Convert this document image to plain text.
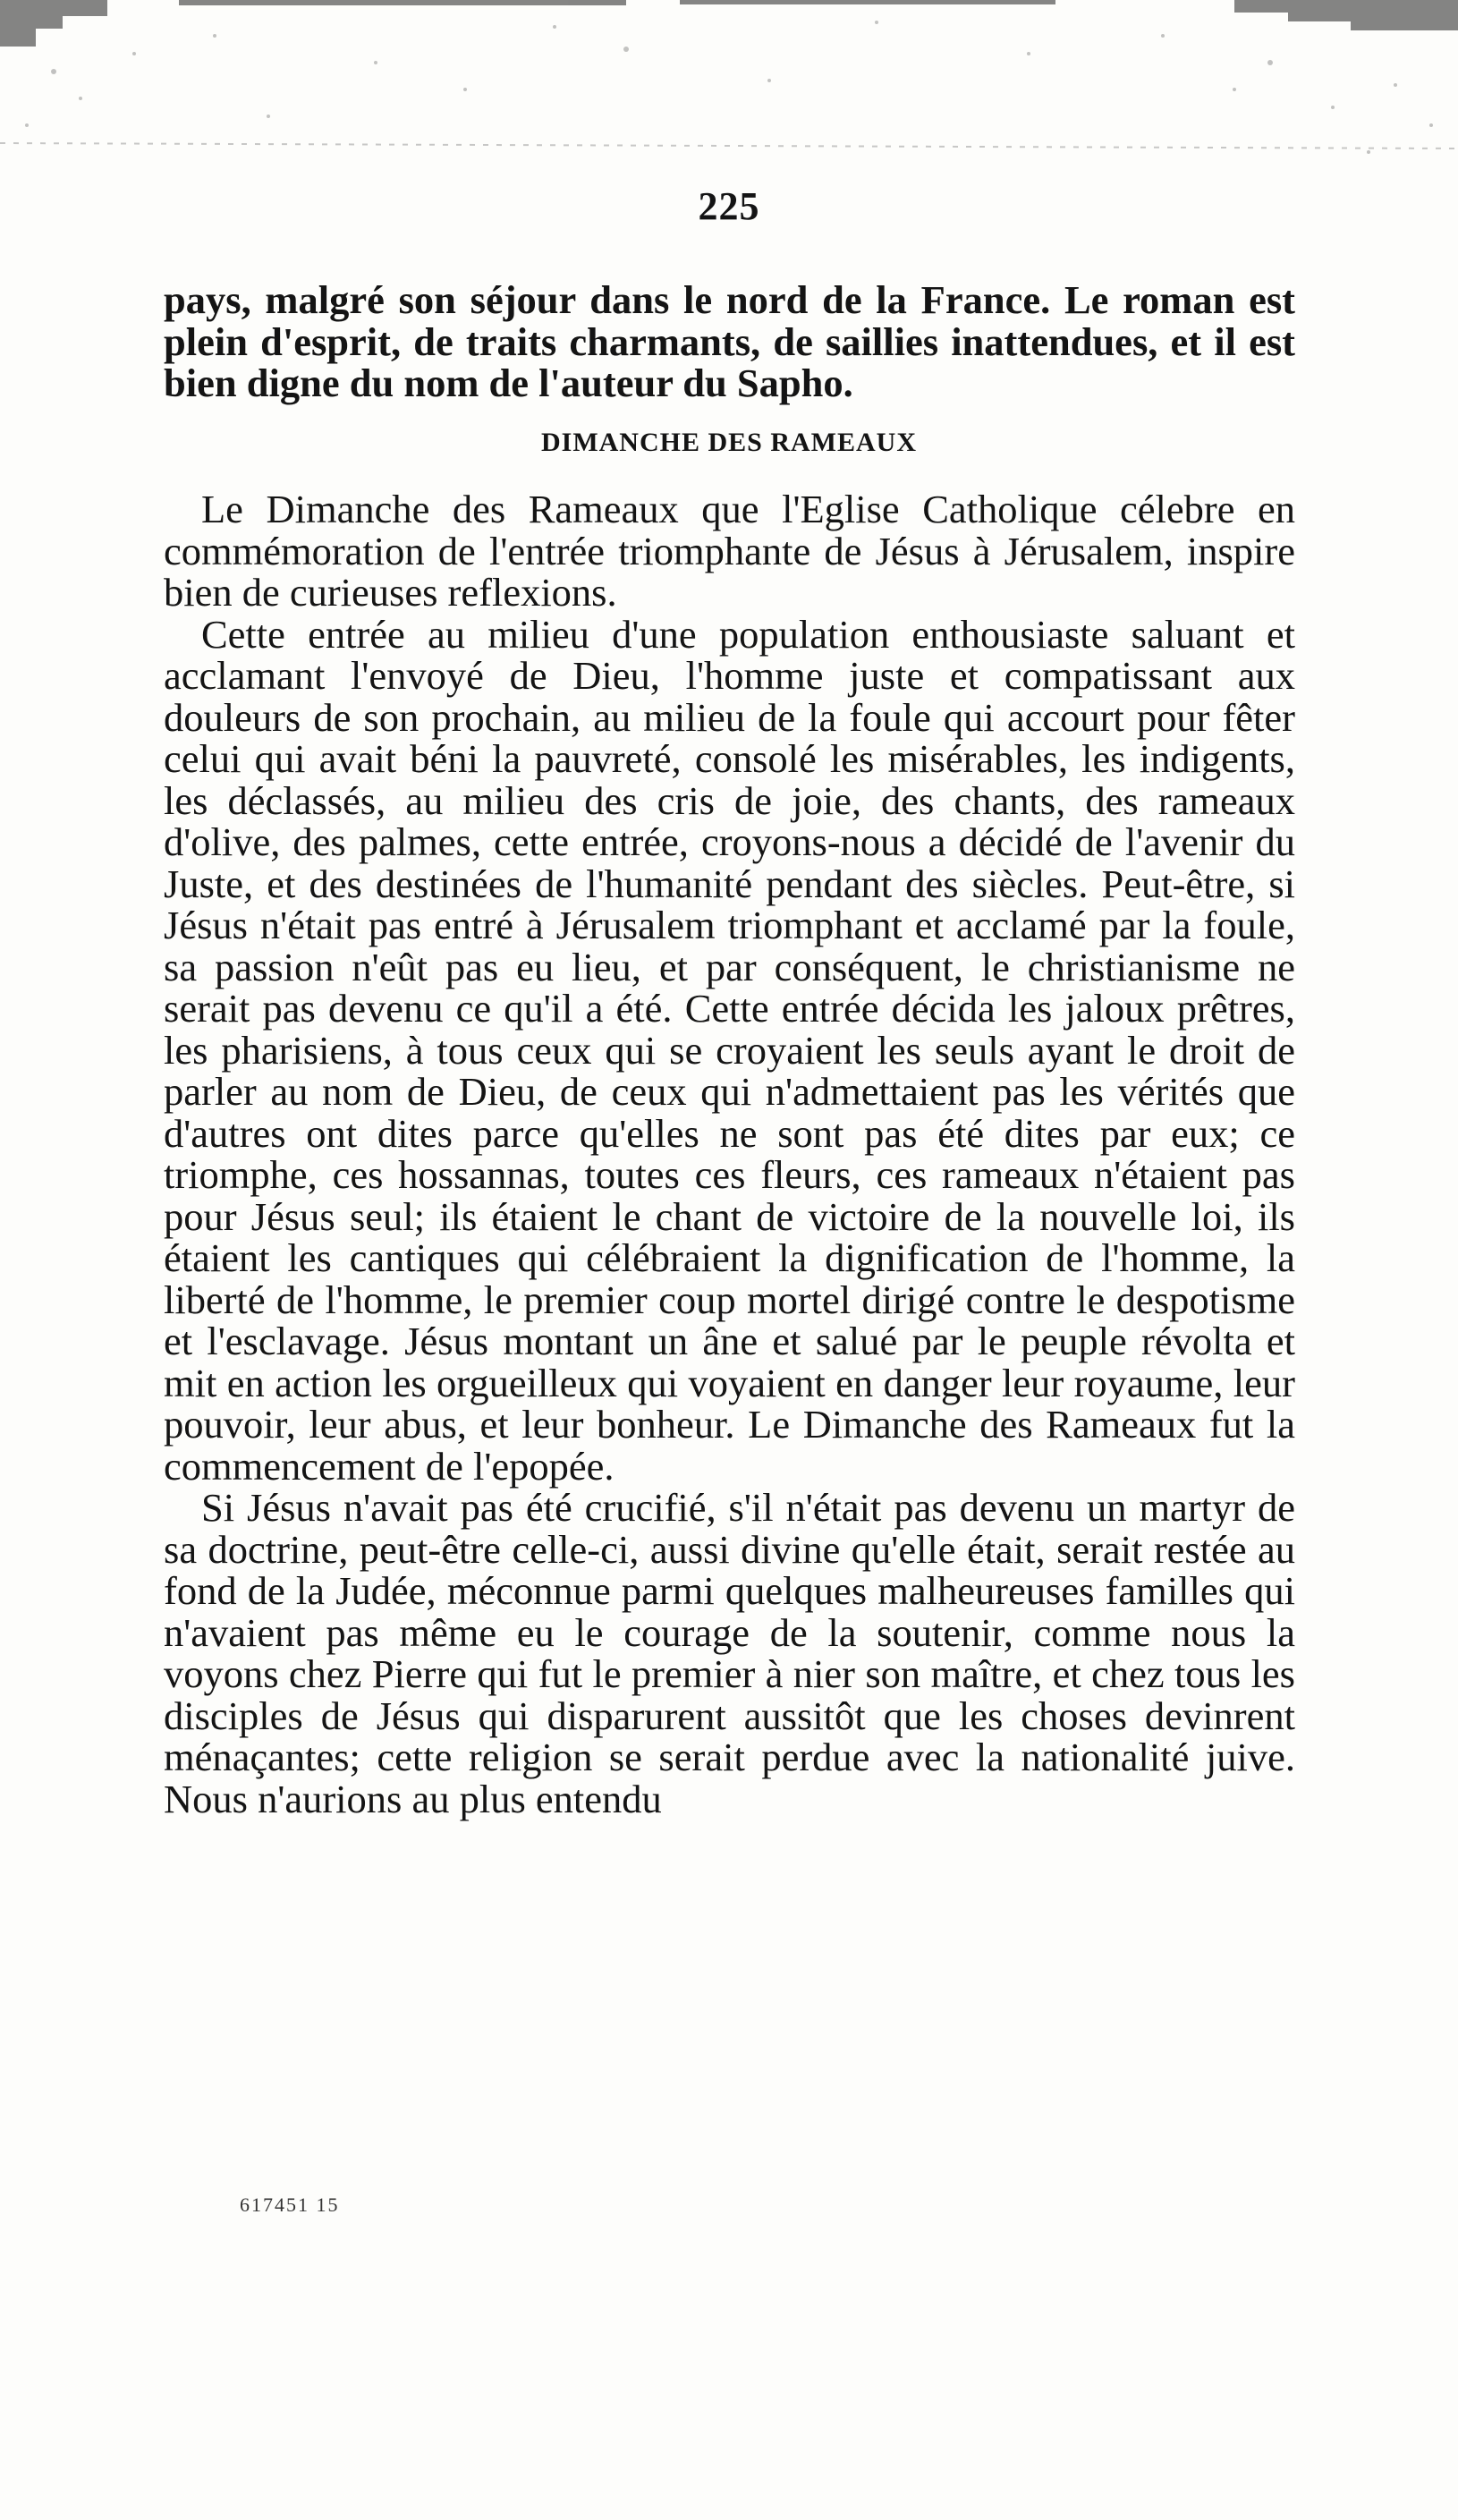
225

pays, malgré son séjour dans le nord de la France. Le roman est plein d'esprit, de traits charmants, de saillies inattendues, et il est bien digne du nom de l'auteur du Sapho.

DIMANCHE DES RAMEAUX

Le Dimanche des Rameaux que l'Eglise Catholique célebre en commémoration de l'entrée triomphante de Jésus à Jérusalem, inspire bien de curieuses reflexions.

Cette entrée au milieu d'une population enthousiaste saluant et acclamant l'envoyé de Dieu, l'homme juste et compatissant aux douleurs de son prochain, au milieu de la foule qui accourt pour fêter celui qui avait béni la pauvreté, consolé les misérables, les indigents, les déclassés, au milieu des cris de joie, des chants, des rameaux d'olive, des palmes, cette entrée, croyons-nous a décidé de l'avenir du Juste, et des destinées de l'humanité pendant des siècles. Peut-être, si Jésus n'était pas entré à Jérusalem triomphant et acclamé par la foule, sa passion n'eût pas eu lieu, et par conséquent, le christianisme ne serait pas devenu ce qu'il a été. Cette entrée décida les jaloux prêtres, les pharisiens, à tous ceux qui se croyaient les seuls ayant le droit de parler au nom de Dieu, de ceux qui n'admettaient pas les vérités que d'autres ont dites parce qu'elles ne sont pas été dites par eux; ce triomphe, ces hossannas, toutes ces fleurs, ces rameaux n'étaient pas pour Jésus seul; ils étaient le chant de victoire de la nouvelle loi, ils étaient les cantiques qui célébraient la dignification de l'homme, la liberté de l'homme, le premier coup mortel dirigé contre le despotisme et l'esclavage. Jésus montant un âne et salué par le peuple révolta et mit en action les orgueilleux qui voyaient en danger leur royaume, leur pouvoir, leur abus, et leur bonheur. Le Dimanche des Rameaux fut la commencement de l'epopée.

Si Jésus n'avait pas été crucifié, s'il n'était pas devenu un martyr de sa doctrine, peut-être celle-ci, aussi divine qu'elle était, serait restée au fond de la Judée, méconnue parmi quelques malheureuses familles qui n'avaient pas même eu le courage de la soutenir, comme nous la voyons chez Pierre qui fut le premier à nier son maître, et chez tous les disciples de Jésus qui disparurent aussitôt que les choses devinrent ménaçantes; cette religion se serait perdue avec la nationalité juive. Nous n'aurions au plus entendu

617451 15
